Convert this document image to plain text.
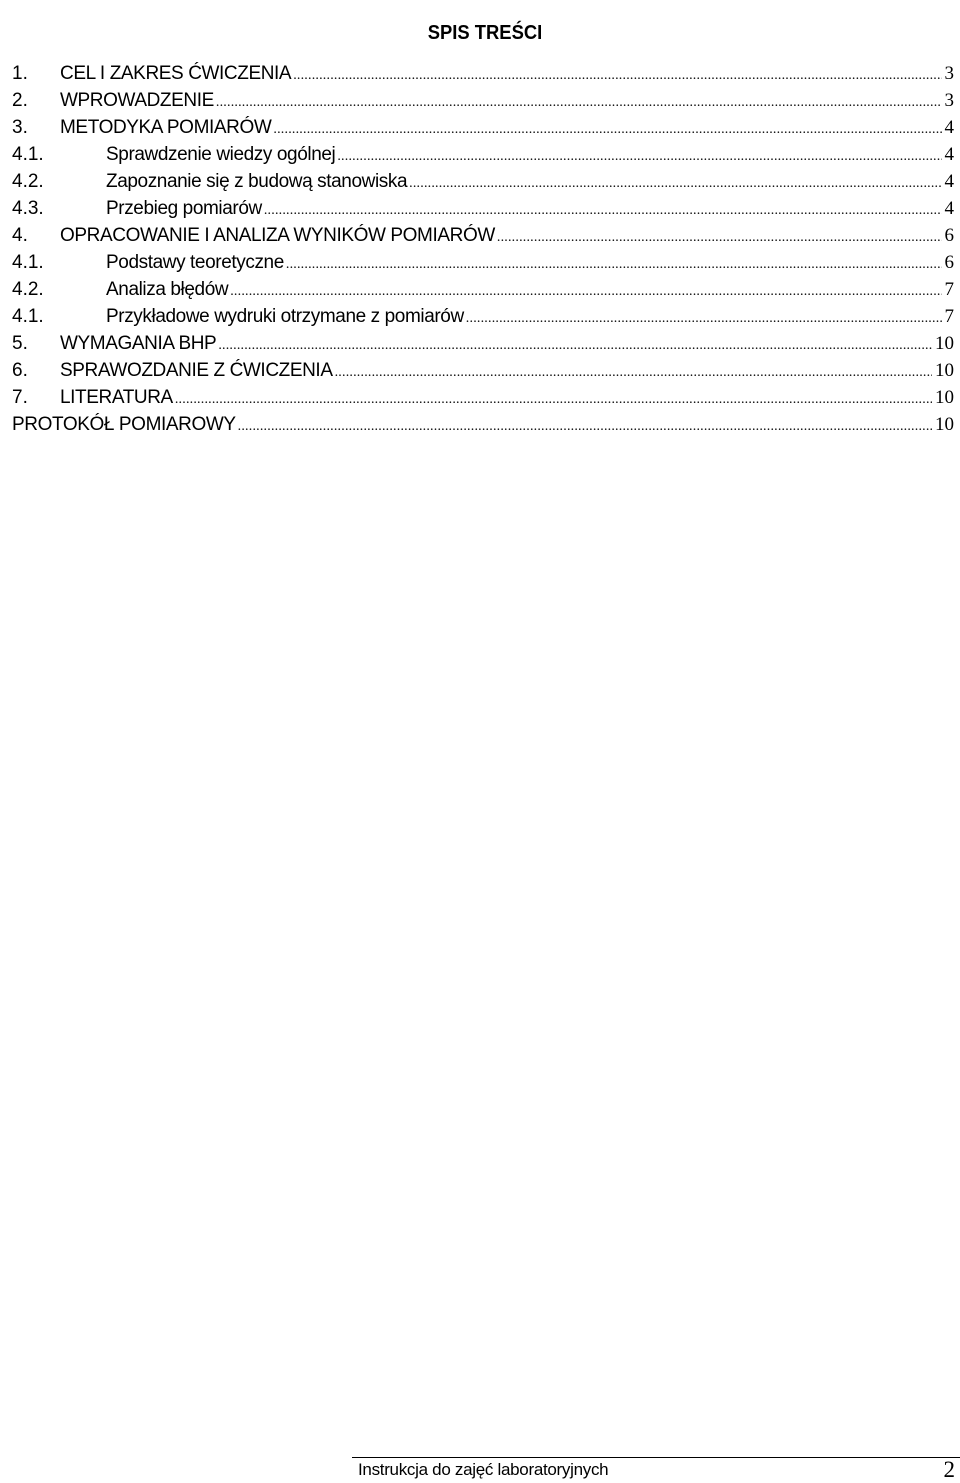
SPIS TREŚCI
1.	CEL I ZAKRES ĆWICZENIA .....	3
2.	WPROWADZENIE .....	3
3.	METODYKA POMIARÓW .....	4
4.1.	Sprawdzenie wiedzy ogólnej .....	4
4.2.	Zapoznanie się z budową stanowiska .....	4
4.3.	Przebieg pomiarów .....	4
4.	OPRACOWANIE I ANALIZA WYNIKÓW POMIARÓW .....	6
4.1.	Podstawy teoretyczne .....	6
4.2.	Analiza błędów .....	7
4.1.	Przykładowe wydruki otrzymane z pomiarów .....	7
5.	WYMAGANIA BHP .....	10
6.	SPRAWOZDANIE Z ĆWICZENIA .....	10
7.	LITERATURA .....	10
PROTOKÓŁ POMIAROWY .....	10
Instrukcja do zajęć laboratoryjnych	2
